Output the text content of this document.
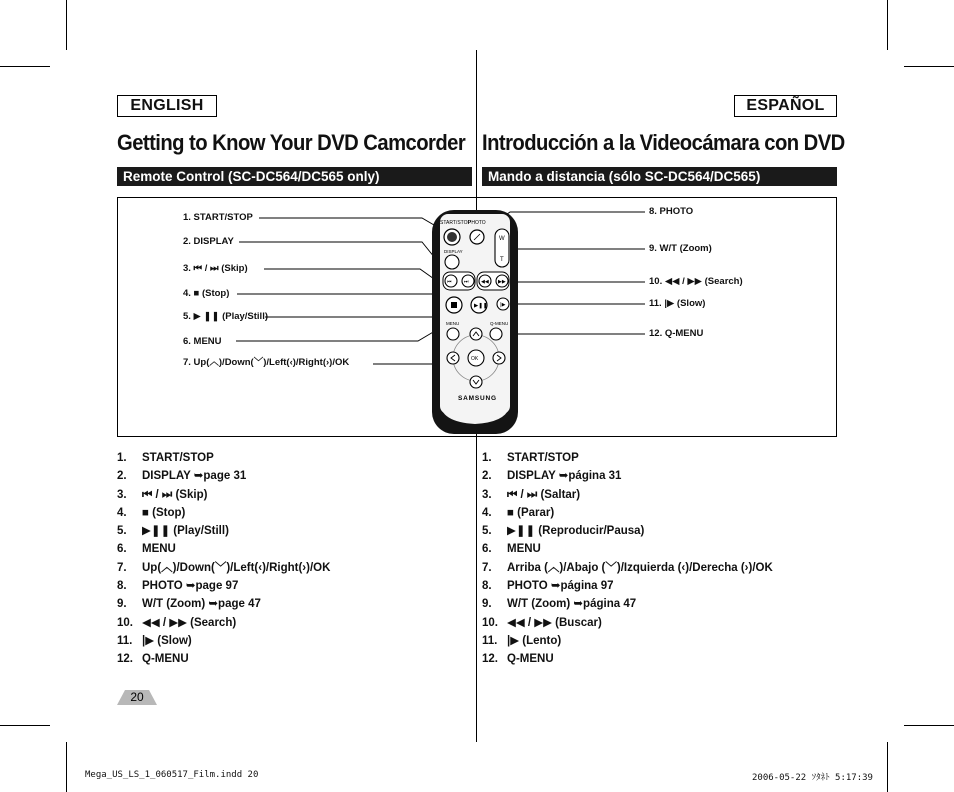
ENGLISH	ESPAÑOL
Getting to Know Your DVD Camcorder Introducción a la Videocámara con DVD
Remote Control (SC-DC564/DC565 only)	Mando a distancia (sólo SC-DC564/DC565)
1. START/STOP
2. DISPLAY
3. ⏮ / ⏭ (Skip)
4. ■ (Stop)
5. ▶ ❚❚ (Play/Still)
6. MENU
7. Up(︿)/Down(﹀)/Left(‹)/Right(›)/OK
8. PHOTO
9. W/T (Zoom)
10. ◀◀ / ▶▶ (Search)
11. |▶ (Slow)
12. Q-MENU
START/STOP
PHOTO
DISPLAY
W
T
⏮ ⏭ ◀◀ ▶▶
▶❚❚	|▶
MENU	Q-MENU
OK
SAMSUNG
1. START/STOP
2. DISPLAY ➥page 31
3. ⏮ / ⏭ (Skip)
4. ■ (Stop)
5. ▶❚❚ (Play/Still)
6. MENU
7. Up(︿)/Down(﹀)/Left(‹)/Right(›)/OK
8. PHOTO ➥page 97
9. W/T (Zoom) ➥page 47
10. ◀◀ / ▶▶ (Search)
11. |▶ (Slow)
12. Q-MENU
1. START/STOP
2. DISPLAY ➥página 31
3. ⏮ / ⏭ (Saltar)
4. ■ (Parar)
5. ▶❚❚ (Reproducir/Pausa)
6. MENU
7. Arriba (︿)/Abajo (﹀)/Izquierda (‹)/Derecha (›)/OK
8. PHOTO ➥página 97
9. W/T (Zoom) ➥página 47
10. ◀◀ / ▶▶ (Buscar)
11. |▶ (Lento)
12. Q-MENU
20
Mega_US_LS_1_060517_Film.indd 20	2006-05-22 ｿﾀﾈﾄ 5:17:39
